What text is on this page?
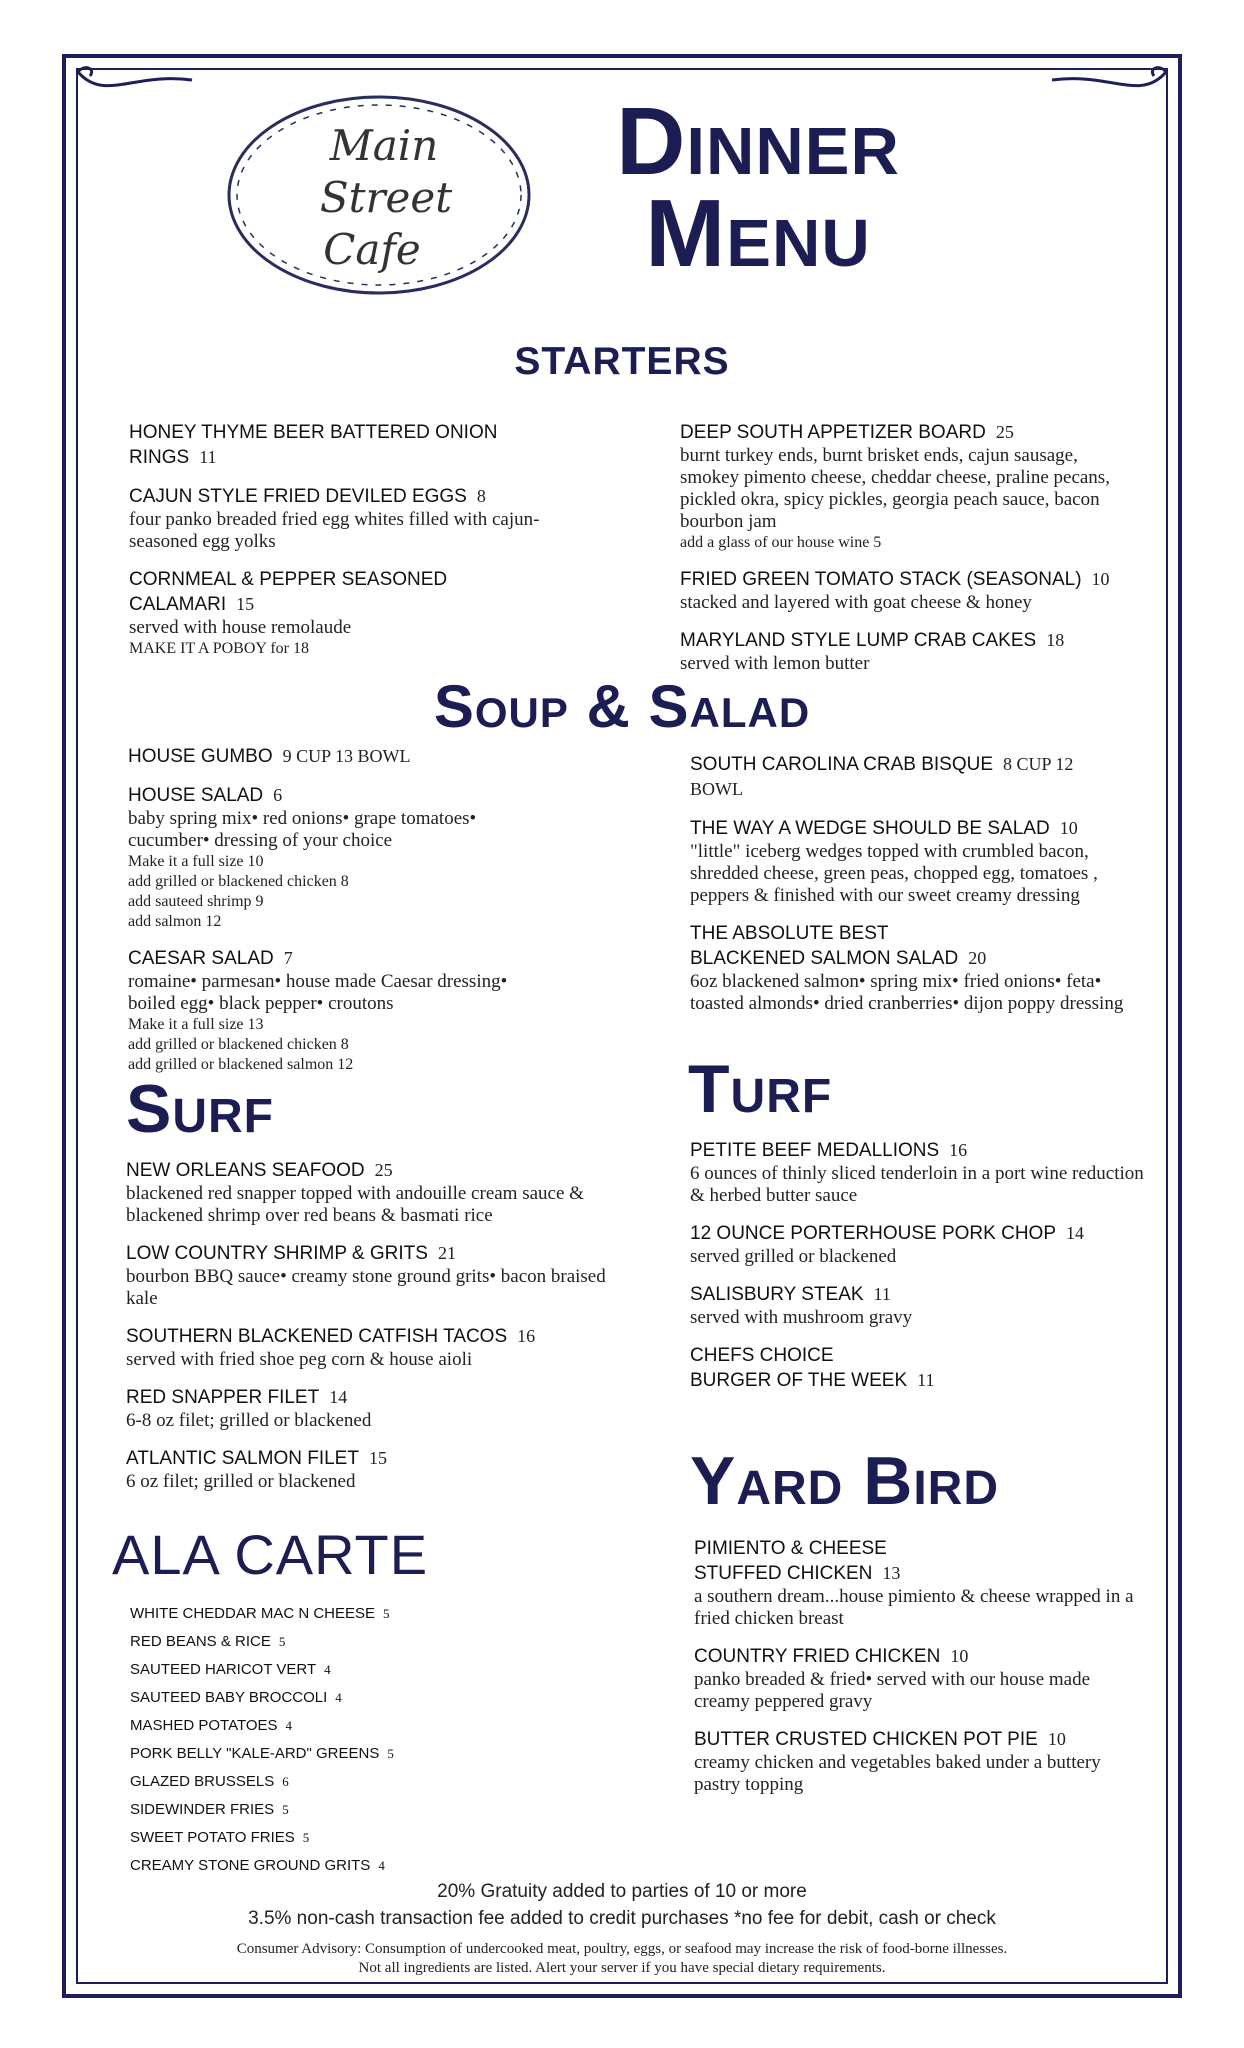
Main
Street
Cafe
Dinner
Menu
starters
HONEY THYME BEER BATTERED ONION
RINGS 11
CAJUN STYLE FRIED DEVILED EGGS 8
four panko breaded fried egg whites filled with cajun-seasoned egg yolks
CORNMEAL & PEPPER SEASONED
CALAMARI 15
served with house remolaude
MAKE IT A POBOY for 18
DEEP SOUTH APPETIZER BOARD 25
burnt turkey ends, burnt brisket ends, cajun sausage, smokey pimento cheese, cheddar cheese, praline pecans, pickled okra, spicy pickles, georgia peach sauce, bacon bourbon jam
add a glass of our house wine 5
FRIED GREEN TOMATO STACK (SEASONAL) 10
stacked and layered with goat cheese & honey
MARYLAND STYLE LUMP CRAB CAKES 18
served with lemon butter
Soup & Salad
HOUSE GUMBO 9 CUP 13 BOWL
HOUSE SALAD 6
baby spring mix• red onions• grape tomatoes• cucumber• dressing of your choice
Make it a full size 10
add grilled or blackened chicken 8
add sauteed shrimp 9
add salmon 12
CAESAR SALAD 7
romaine• parmesan• house made Caesar dressing• boiled egg• black pepper• croutons
Make it a full size 13
add grilled or blackened chicken 8
add grilled or blackened salmon 12
SOUTH CAROLINA CRAB BISQUE 8 CUP 12 BOWL
THE WAY A WEDGE SHOULD BE SALAD 10
"little" iceberg wedges topped with crumbled bacon, shredded cheese, green peas, chopped egg, tomatoes , peppers & finished with our sweet creamy dressing
THE ABSOLUTE BEST
BLACKENED SALMON SALAD 20
6oz blackened salmon• spring mix• fried onions• feta• toasted almonds• dried cranberries• dijon poppy dressing
Surf
NEW ORLEANS SEAFOOD 25
blackened red snapper topped with andouille cream sauce & blackened shrimp over red beans & basmati rice
LOW COUNTRY SHRIMP & GRITS 21
bourbon BBQ sauce• creamy stone ground grits• bacon braised kale
SOUTHERN BLACKENED CATFISH TACOS 16
served with fried shoe peg corn & house aioli
RED SNAPPER FILET 14
6-8 oz filet; grilled or blackened
ATLANTIC SALMON FILET 15
6 oz filet; grilled or blackened
Turf
PETITE BEEF MEDALLIONS 16
6 ounces of thinly sliced tenderloin in a port wine reduction & herbed butter sauce
12 OUNCE PORTERHOUSE PORK CHOP 14
served grilled or blackened
SALISBURY STEAK 11
served with mushroom gravy
CHEFS CHOICE
BURGER OF THE WEEK 11
Yard Bird
PIMIENTO & CHEESE
STUFFED CHICKEN 13
a southern dream...house pimiento & cheese wrapped in a fried chicken breast
COUNTRY FRIED CHICKEN 10
panko breaded & fried• served with our house made creamy peppered gravy
BUTTER CRUSTED CHICKEN POT PIE 10
creamy chicken and vegetables baked under a buttery pastry topping
ALA CARTE
WHITE CHEDDAR MAC N CHEESE 5
RED BEANS & RICE 5
SAUTEED HARICOT VERT 4
SAUTEED BABY BROCCOLI 4
MASHED POTATOES 4
PORK BELLY "KALE-ARD" GREENS 5
GLAZED BRUSSELS 6
SIDEWINDER FRIES 5
SWEET POTATO FRIES 5
CREAMY STONE GROUND GRITS 4
20% Gratuity added to parties of 10 or more
3.5% non-cash transaction fee added to credit purchases *no fee for debit, cash or check
Consumer Advisory: Consumption of undercooked meat, poultry, eggs, or seafood may increase the risk of food-borne illnesses.
Not all ingredients are listed. Alert your server if you have special dietary requirements.
